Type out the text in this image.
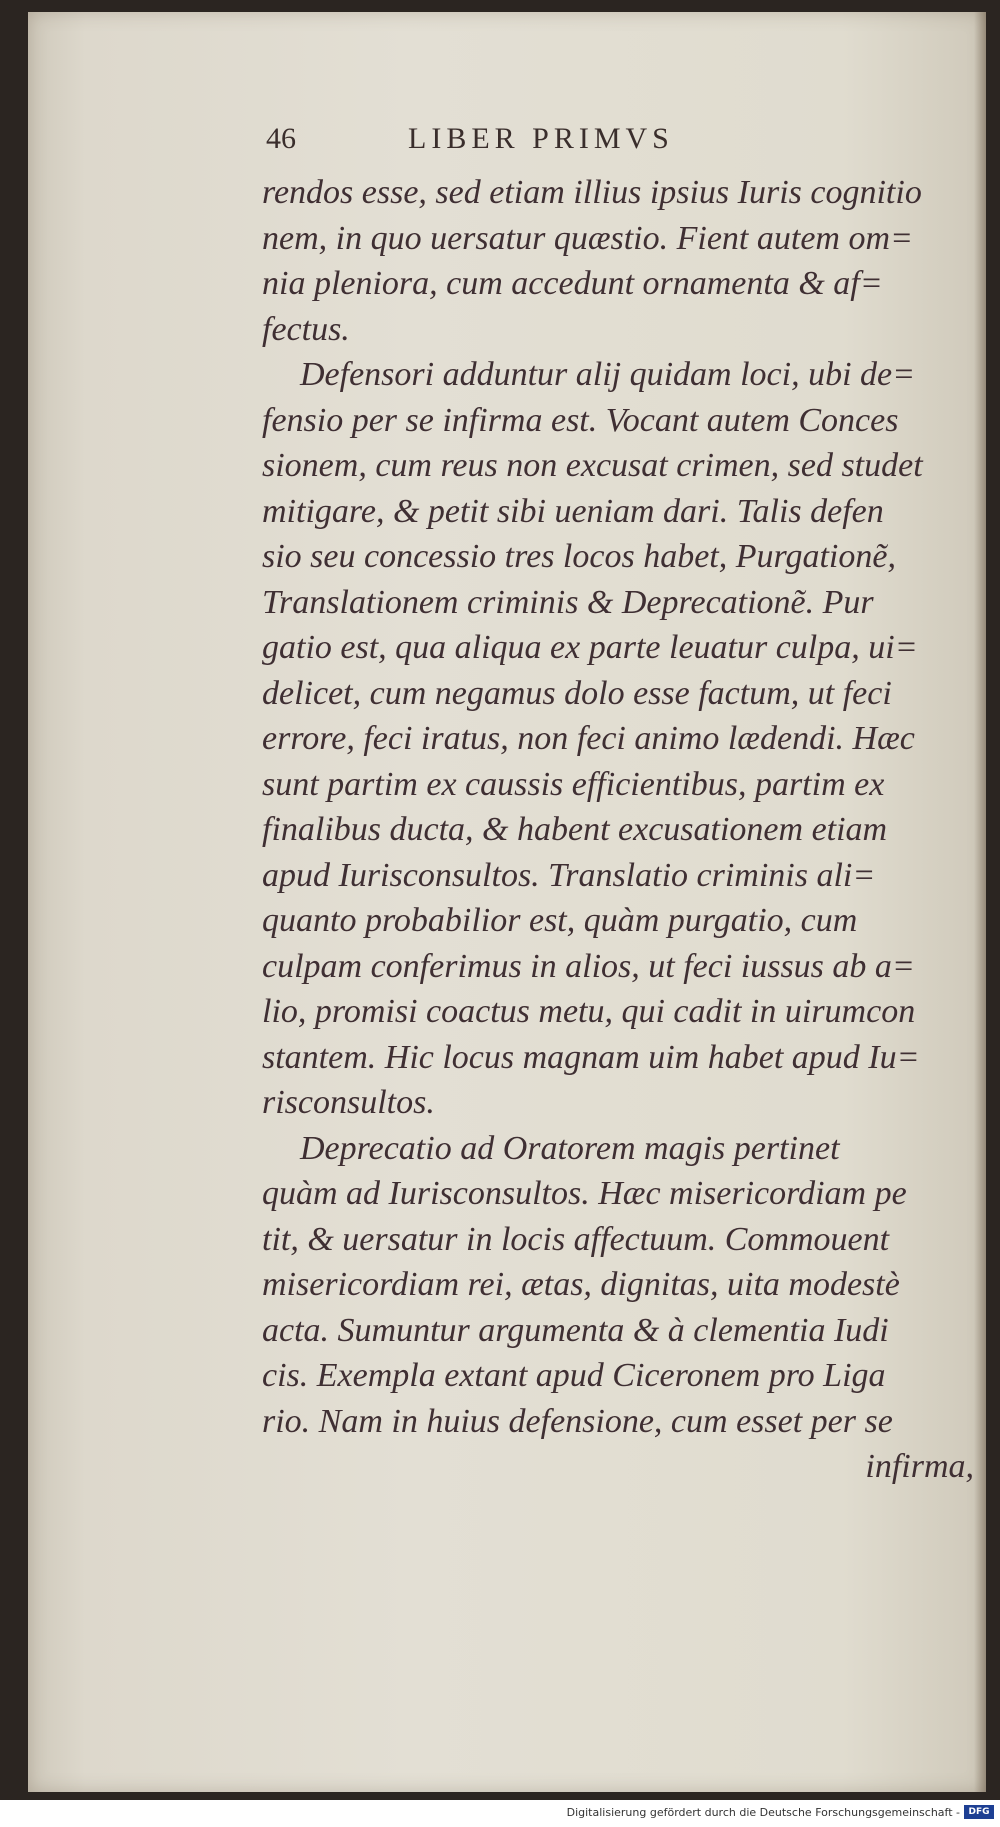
46	LIBER PRIMVS
rendos esse, sed etiam illius ipsius Iuris cognitio
nem, in quo uersatur quæstio. Fient autem om=
nia pleniora, cum accedunt ornamenta & af=
fectus.
Defensori adduntur alij quidam loci, ubi de=
fensio per se infirma est. Vocant autem Conces
sionem, cum reus non excusat crimen, sed studet
mitigare, & petit sibi ueniam dari. Talis defen
sio seu concessio tres locos habet, Purgationẽ,
Translationem criminis & Deprecationẽ. Pur
gatio est, qua aliqua ex parte leuatur culpa, ui=
delicet, cum negamus dolo esse factum, ut feci
errore, feci iratus, non feci animo lædendi. Hæc
sunt partim ex caussis efficientibus, partim ex
finalibus ducta, & habent excusationem etiam
apud Iurisconsultos. Translatio criminis ali=
quanto probabilior est, quàm purgatio, cum
culpam conferimus in alios, ut feci iussus ab a=
lio, promisi coactus metu, qui cadit in uirumcon
stantem. Hic locus magnam uim habet apud Iu=
risconsultos.
Deprecatio ad Oratorem magis pertinet
quàm ad Iurisconsultos. Hæc misericordiam pe
tit, & uersatur in locis affectuum. Commouent
misericordiam rei, ætas, dignitas, uita modestè
acta. Sumuntur argumenta & à clementia Iudi
cis. Exempla extant apud Ciceronem pro Liga
rio. Nam in huius defensione, cum esset per se
infirma,
Digitalisierung gefördert durch die Deutsche Forschungsgemeinschaft - DFG
